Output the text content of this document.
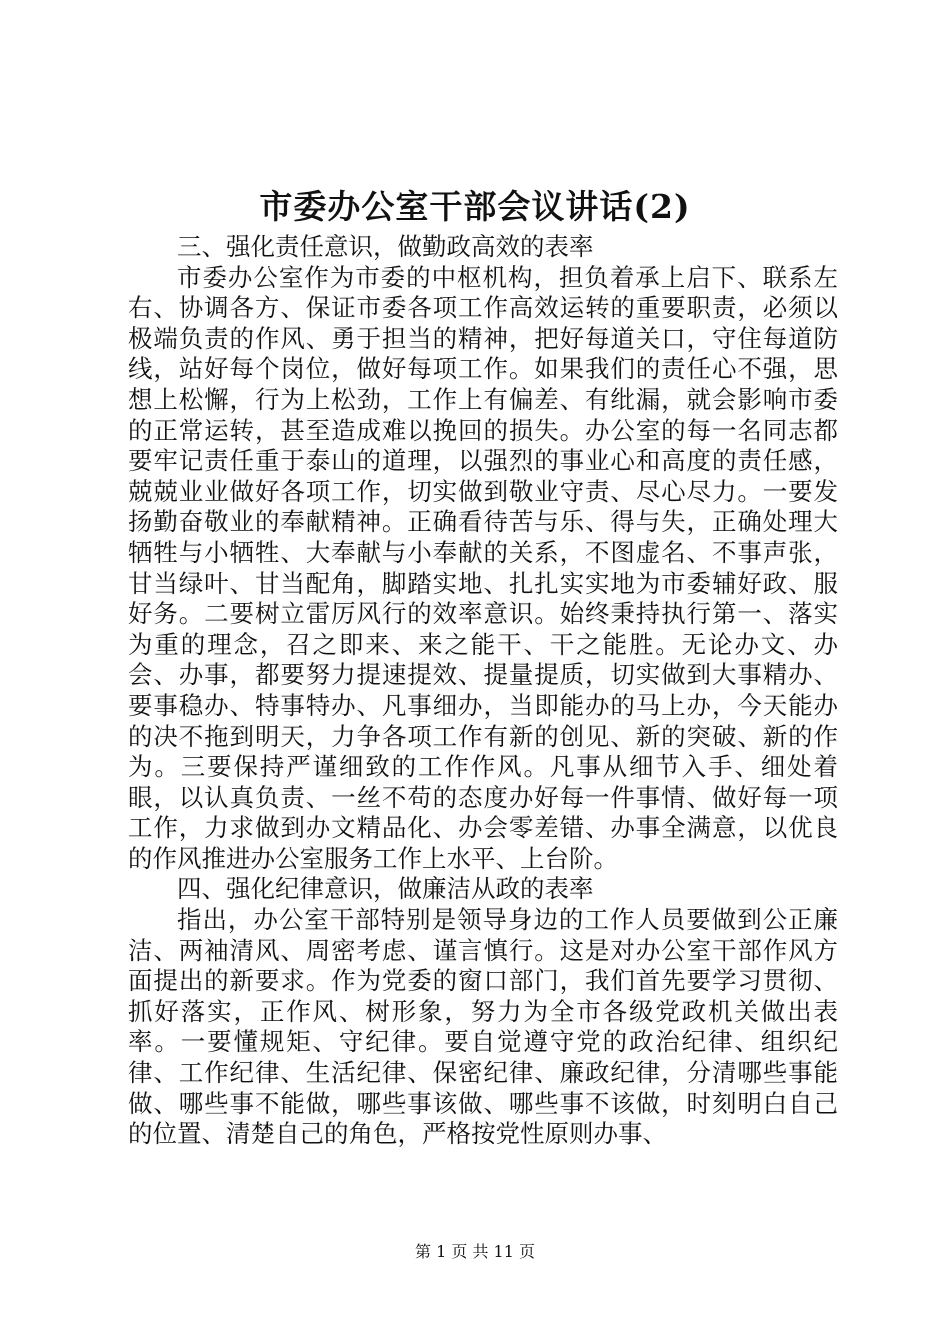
市委办公室干部会议讲话(2)

三、强化责任意识，做勤政高效的表率

市委办公室作为市委的中枢机构，担负着承上启下、联系左右、协调各方、保证市委各项工作高效运转的重要职责，必须以极端负责的作风、勇于担当的精神，把好每道关口，守住每道防线，站好每个岗位，做好每项工作。如果我们的责任心不强，思想上松懈，行为上松劲，工作上有偏差、有纰漏，就会影响市委的正常运转，甚至造成难以挽回的损失。办公室的每一名同志都要牢记责任重于泰山的道理，以强烈的事业心和高度的责任感，兢兢业业做好各项工作，切实做到敬业守责、尽心尽力。一要发扬勤奋敬业的奉献精神。正确看待苦与乐、得与失，正确处理大牺牲与小牺牲、大奉献与小奉献的关系，不图虚名、不事声张，甘当绿叶、甘当配角，脚踏实地、扎扎实实地为市委辅好政、服好务。二要树立雷厉风行的效率意识。始终秉持执行第一、落实为重的理念，召之即来、来之能干、干之能胜。无论办文、办会、办事，都要努力提速提效、提量提质，切实做到大事精办、要事稳办、特事特办、凡事细办，当即能办的马上办，今天能办的决不拖到明天，力争各项工作有新的创见、新的突破、新的作为。三要保持严谨细致的工作作风。凡事从细节入手、细处着眼，以认真负责、一丝不苟的态度办好每一件事情、做好每一项工作，力求做到办文精品化、办会零差错、办事全满意，以优良的作风推进办公室服务工作上水平、上台阶。

四、强化纪律意识，做廉洁从政的表率

指出，办公室干部特别是领导身边的工作人员要做到公正廉洁、两袖清风、周密考虑、谨言慎行。这是对办公室干部作风方面提出的新要求。作为党委的窗口部门，我们首先要学习贯彻、抓好落实，正作风、树形象，努力为全市各级党政机关做出表率。一要懂规矩、守纪律。要自觉遵守党的政治纪律、组织纪律、工作纪律、生活纪律、保密纪律、廉政纪律，分清哪些事能做、哪些事不能做，哪些事该做、哪些事不该做，时刻明白自己的位置、清楚自己的角色，严格按党性原则办事、

第 1 页 共 11 页
